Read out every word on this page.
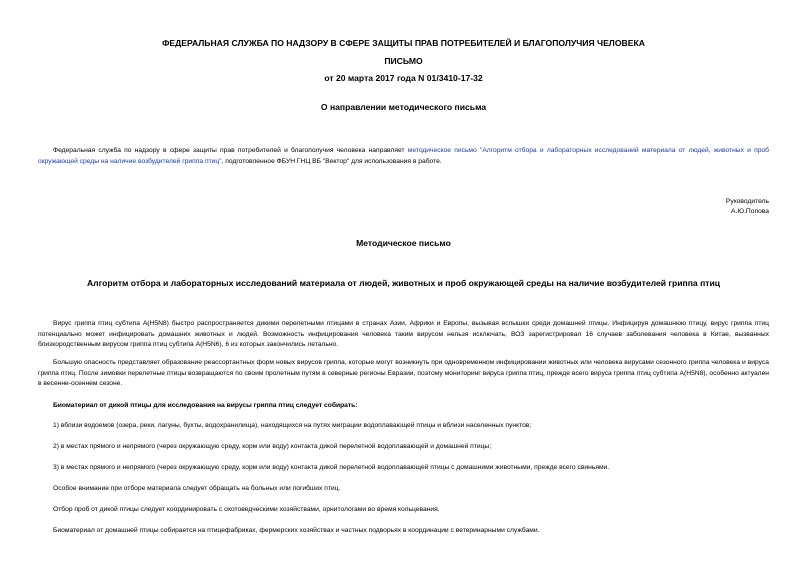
ФЕДЕРАЛЬНАЯ СЛУЖБА ПО НАДЗОРУ В СФЕРЕ ЗАЩИТЫ ПРАВ ПОТРЕБИТЕЛЕЙ И БЛАГОПОЛУЧИЯ ЧЕЛОВЕКА
ПИСЬМО
от 20 марта 2017 года N 01/3410-17-32
О направлении методического письма
Федеральная служба по надзору в сфере защиты прав потребителей и благополучия человека направляет методическое письмо "Алгоритм отбора и лабораторных исследований материала от людей, животных и проб окружающей среды на наличие возбудителей гриппа птиц", подготовленное ФБУН ГНЦ ВБ "Вектор" для использования в работе.
Руководитель
А.Ю.Попова
Методическое письмо
Алгоритм отбора и лабораторных исследований материала от людей, животных и проб окружающей среды на наличие возбудителей гриппа птиц
Вирус гриппа птиц субтипа A(H5N8) быстро распространяется дикими перелетными птицами в странах Азии, Африки и Европы, вызывая вспышки среди домашней птицы. Инфицируя домашнюю птицу, вирус гриппа птиц потенциально может инфицировать домашних животных и людей. Возможность инфицирования человека таким вирусом нельзя исключать, ВОЗ зарегистрировал 16 случаев заболевания человека в Китае, вызванных близкородственным вирусом гриппа птиц субтипа A(H5N6), 6 из которых закончились летально.
Большую опасность представляет образование реассортантных форм новых вирусов гриппа, которые могут возникнуть при одновременном инфицировании животных или человека вирусами сезонного гриппа человека и вируса гриппа птиц. После зимовки перелетные птицы возвращаются по своим пролетным путям в северные регионы Евразии, поэтому мониторинг вируса гриппа птиц, прежде всего вируса гриппа птиц субтипа A(H5N8), особенно актуален в весенне-осеннем сезоне.
Биоматериал от дикой птицы для исследования на вирусы гриппа птиц следует собирать:
1) вблизи водоемов (озера, реки, лагуны, бухты, водохранилища), находящихся на путях миграции водоплавающей птицы и вблизи населенных пунктов;
2) в местах прямого и непрямого (через окружающую среду, корм или воду) контакта дикой перелетной водоплавающей и домашней птицы;
3) в местах прямого и непрямого (через окружающую среду, корм или воду) контакта дикой перелетной водоплавающей птицы с домашними животными, прежде всего свиньями.
Особое внимание при отборе материала следует обращать на больных или погибших птиц.
Отбор проб от дикой птицы следует координировать с охотоведческими хозяйствами, орнитологами во время кольцевания.
Биоматериал от домашней птицы собирается на птицефабриках, фермерских хозяйствах и частных подворьях в координации с ветеринарными службами.
